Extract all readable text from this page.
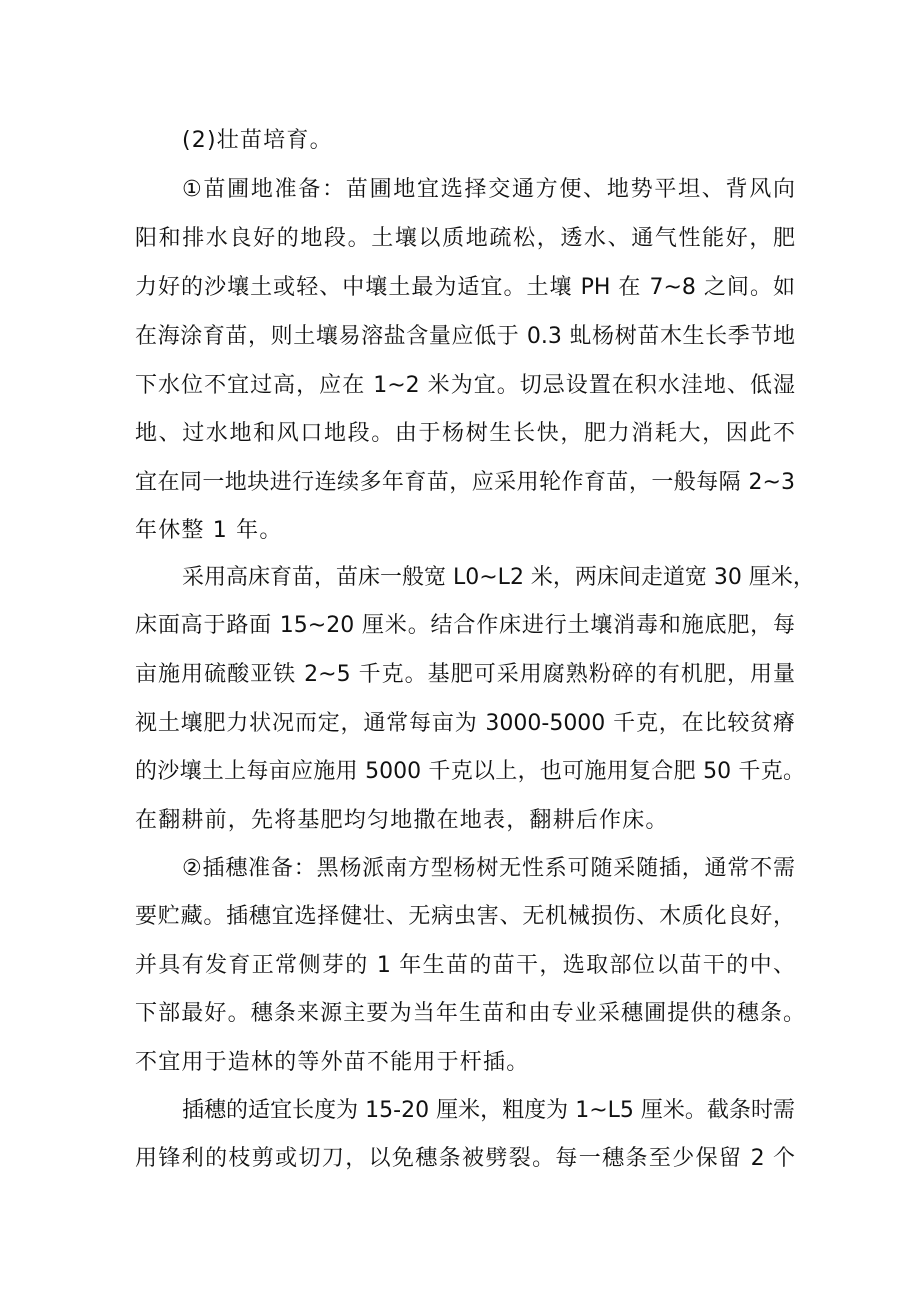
(2)壮苗培育。
①苗圃地准备：苗圃地宜选择交通方便、地势平坦、背风向
阳和排水良好的地段。土壤以质地疏松，透水、通气性能好，肥
力好的沙壤土或轻、中壤土最为适宜。土壤 PH 在 7~8 之间。如
在海涂育苗，则土壤易溶盐含量应低于 0.3 虬杨树苗木生长季节地
下水位不宜过高，应在 1~2 米为宜。切忌设置在积水洼地、低湿
地、过水地和风口地段。由于杨树生长快，肥力消耗大，因此不
宜在同一地块进行连续多年育苗，应采用轮作育苗，一般每隔 2~3
年休整 1 年。
采用高床育苗，苗床一般宽 L0~L2 米，两床间走道宽 30 厘米，
床面高于路面 15~20 厘米。结合作床进行土壤消毒和施底肥，每
亩施用硫酸亚铁 2~5 千克。基肥可采用腐熟粉碎的有机肥，用量
视土壤肥力状况而定，通常每亩为 3000-5000 千克，在比较贫瘠
的沙壤土上每亩应施用 5000 千克以上，也可施用复合肥 50 千克。
在翻耕前，先将基肥均匀地撒在地表，翻耕后作床。
②插穗准备：黑杨派南方型杨树无性系可随采随插，通常不需
要贮藏。插穗宜选择健壮、无病虫害、无机械损伤、木质化良好，
并具有发育正常侧芽的 1 年生苗的苗干，选取部位以苗干的中、
下部最好。穗条来源主要为当年生苗和由专业采穗圃提供的穗条。
不宜用于造林的等外苗不能用于杆插。
插穗的适宜长度为 15-20 厘米，粗度为 1~L5 厘米。截条时需
用锋利的枝剪或切刀，以免穗条被劈裂。每一穗条至少保留 2 个
